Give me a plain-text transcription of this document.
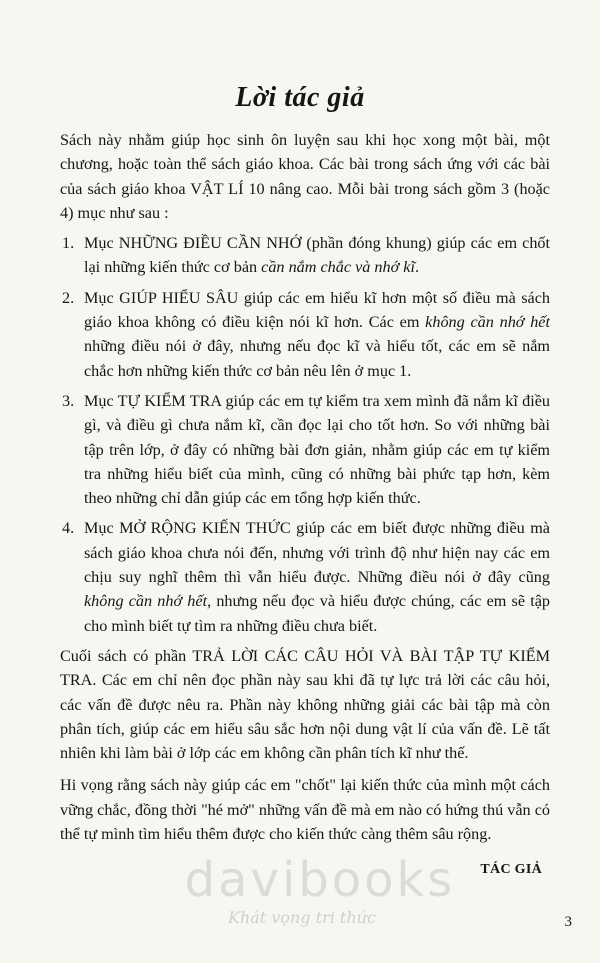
Lời tác giả

Sách này nhằm giúp học sinh ôn luyện sau khi học xong một bài, một chương, hoặc toàn thể sách giáo khoa. Các bài trong sách ứng với các bài của sách giáo khoa VẬT LÍ 10 nâng cao. Mỗi bài trong sách gồm 3 (hoặc 4) mục như sau :

1. Mục NHỮNG ĐIỀU CẦN NHỚ (phần đóng khung) giúp các em chốt lại những kiến thức cơ bản cần nắm chắc và nhớ kĩ.
2. Mục GIÚP HIỂU SÂU giúp các em hiểu kĩ hơn một số điều mà sách giáo khoa không có điều kiện nói kĩ hơn. Các em không cần nhớ hết những điều nói ở đây, nhưng nếu đọc kĩ và hiểu tốt, các em sẽ nắm chắc hơn những kiến thức cơ bản nêu lên ở mục 1.
3. Mục TỰ KIỂM TRA giúp các em tự kiểm tra xem mình đã nắm kĩ điều gì, và điều gì chưa nắm kĩ, cần đọc lại cho tốt hơn. So với những bài tập trên lớp, ở đây có những bài đơn giản, nhằm giúp các em tự kiểm tra những hiểu biết của mình, cũng có những bài phức tạp hơn, kèm theo những chỉ dẫn giúp các em tổng hợp kiến thức.
4. Mục MỞ RỘNG KIẾN THỨC giúp các em biết được những điều mà sách giáo khoa chưa nói đến, nhưng với trình độ như hiện nay các em chịu suy nghĩ thêm thì vẫn hiểu được. Những điều nói ở đây cũng không cần nhớ hết, nhưng nếu đọc và hiểu được chúng, các em sẽ tập cho mình biết tự tìm ra những điều chưa biết.

Cuối sách có phần TRẢ LỜI CÁC CÂU HỎI VÀ BÀI TẬP TỰ KIỂM TRA. Các em chỉ nên đọc phần này sau khi đã tự lực trả lời các câu hỏi, các vấn đề được nêu ra. Phần này không những giải các bài tập mà còn phân tích, giúp các em hiểu sâu sắc hơn nội dung vật lí của vấn đề. Lẽ tất nhiên khi làm bài ở lớp các em không cần phân tích kĩ như thế.

Hi vọng rằng sách này giúp các em "chốt" lại kiến thức của mình một cách vững chắc, đồng thời "hé mở" những vấn đề mà em nào có hứng thú vẫn có thể tự mình tìm hiểu thêm được cho kiến thức càng thêm sâu rộng.

davibooks
Khát vọng tri thức
TÁC GIẢ
3
